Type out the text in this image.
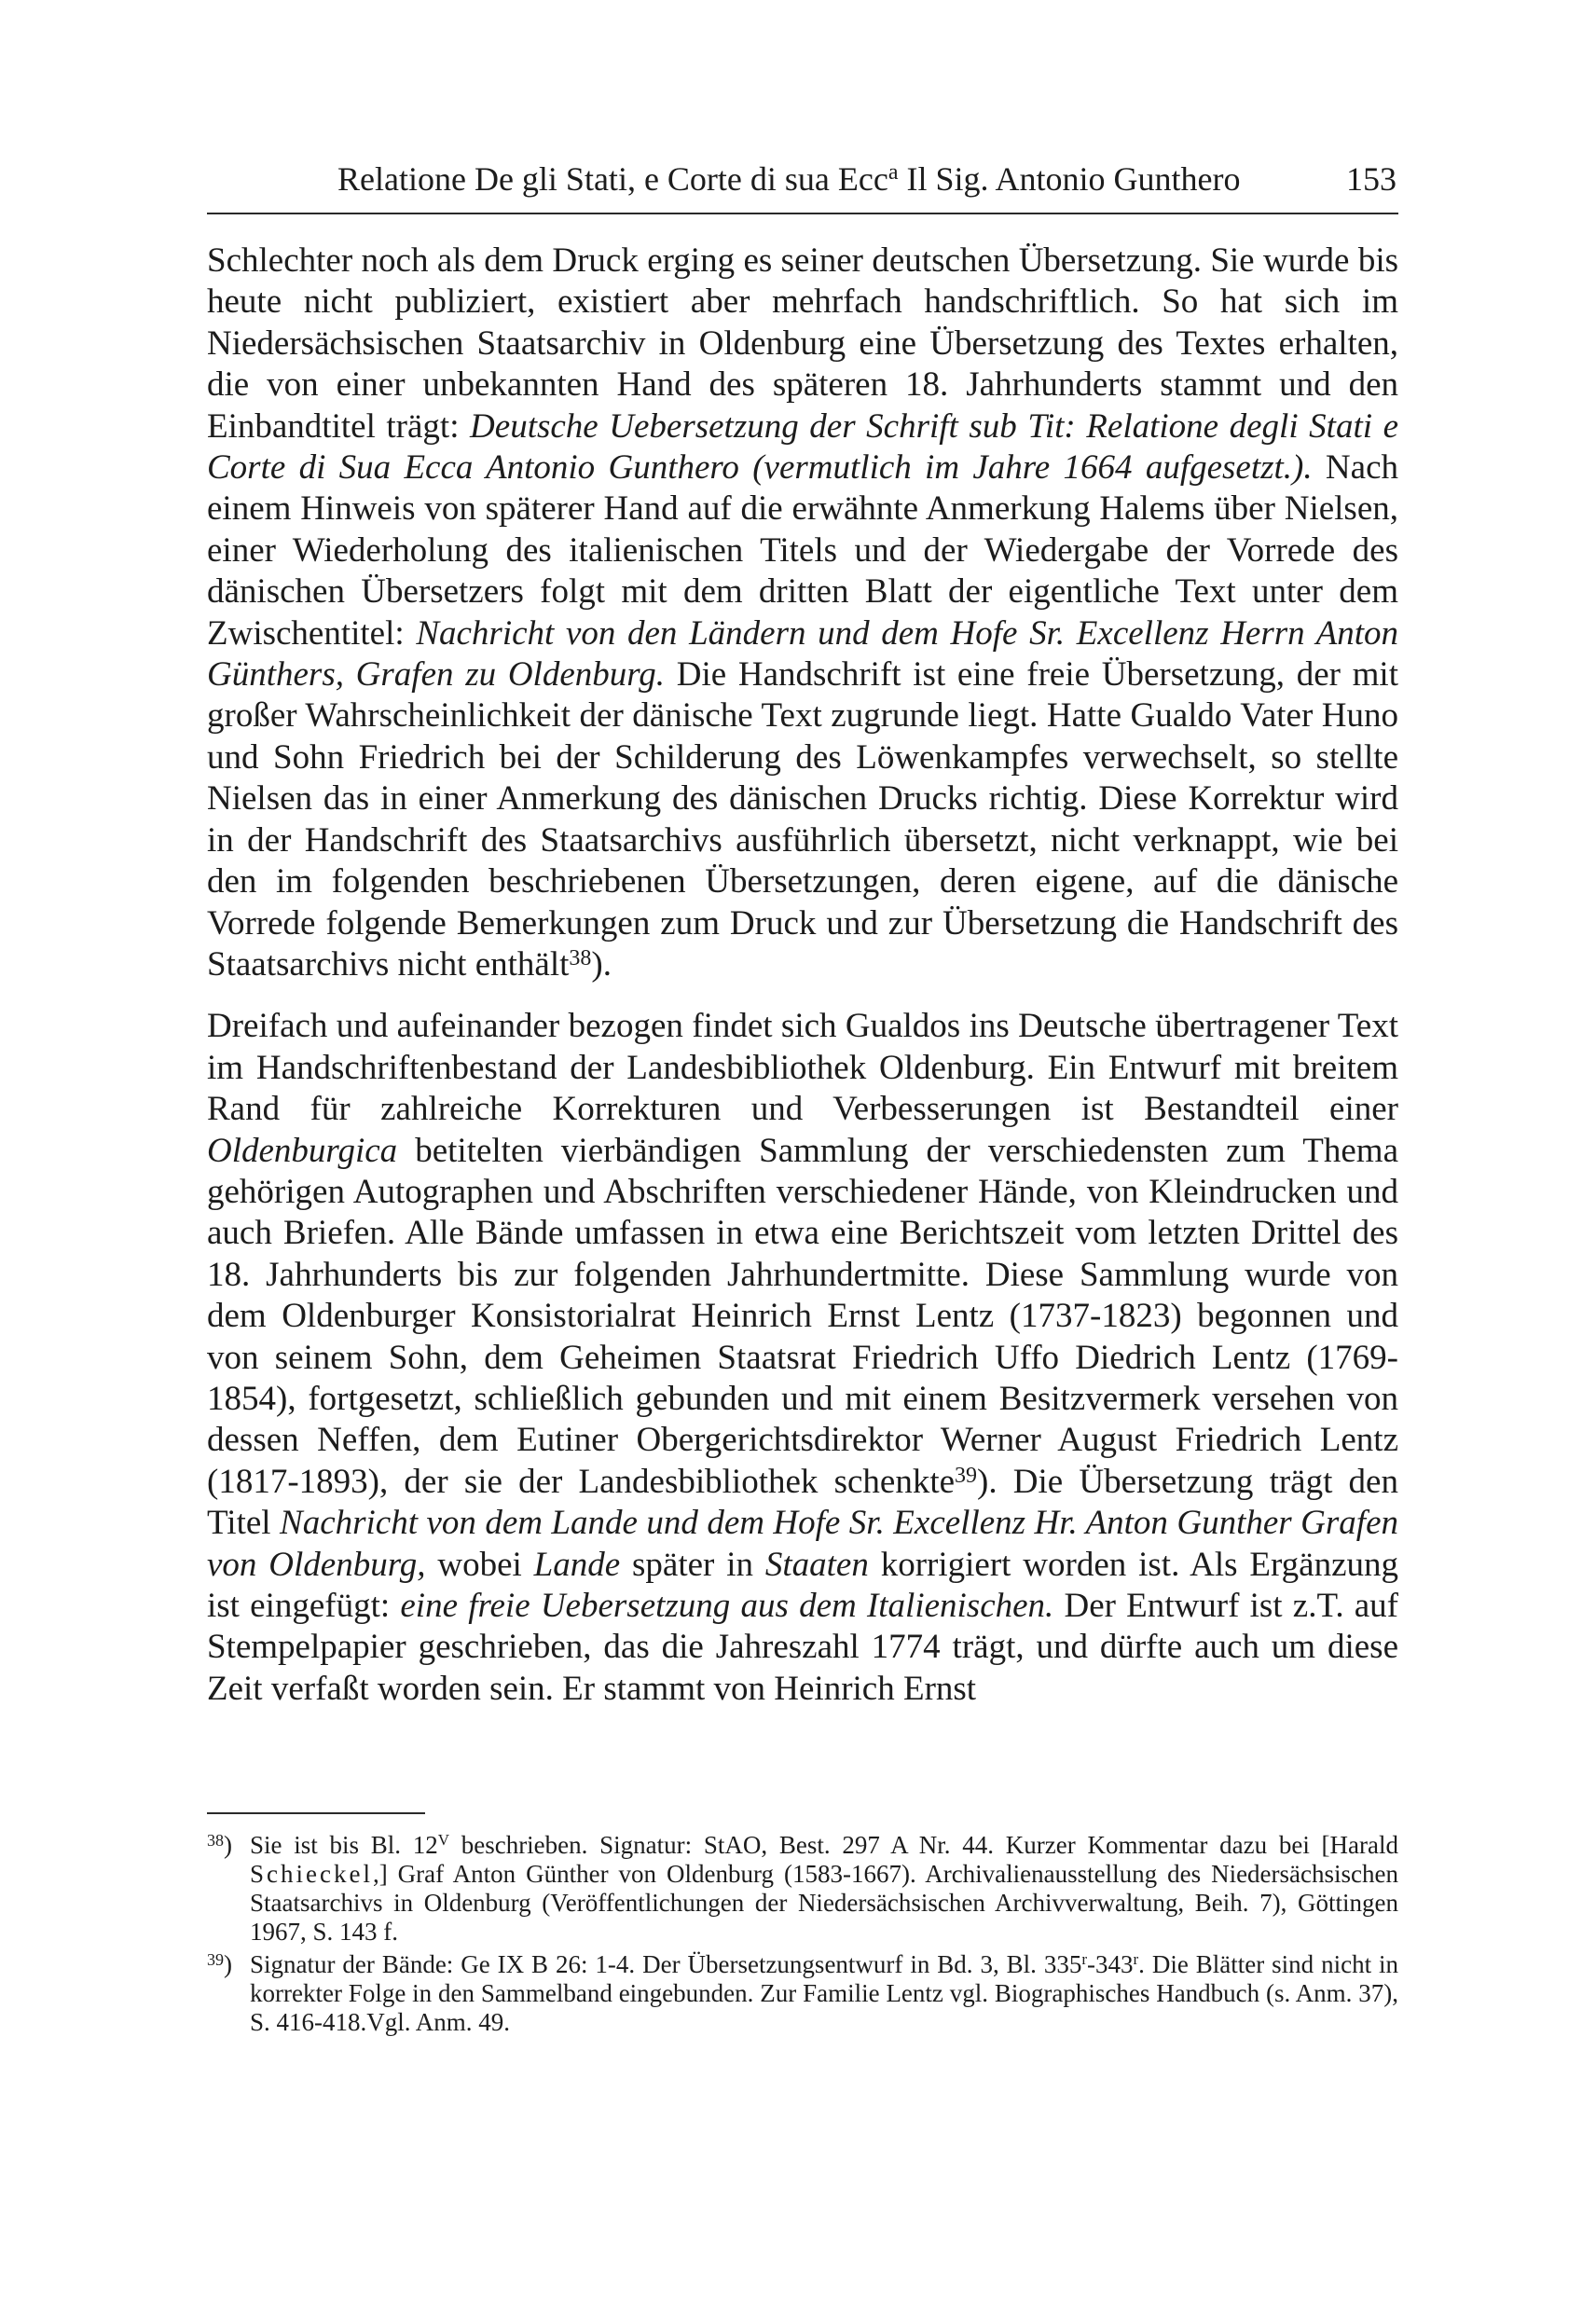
Relatione De gli Stati, e Corte di sua Ecc$^a$ Il Sig. Antonio Gunthero	153

Schlechter noch als dem Druck erging es seiner deutschen Übersetzung. Sie wurde bis heute nicht publiziert, existiert aber mehrfach handschriftlich. So hat sich im Niedersächsischen Staatsarchiv in Oldenburg eine Übersetzung des Textes erhalten, die von einer unbekannten Hand des späteren 18. Jahrhunderts stammt und den Einbandtitel trägt: Deutsche Uebersetzung der Schrift sub Tit: Relatione degli Stati e Corte di Sua Ecca Antonio Gunthero (vermutlich im Jahre 1664 aufgesetzt.). Nach einem Hinweis von späterer Hand auf die erwähnte Anmerkung Halems über Nielsen, einer Wiederholung des italienischen Titels und der Wiedergabe der Vorrede des dänischen Übersetzers folgt mit dem dritten Blatt der eigentliche Text unter dem Zwischentitel: Nachricht von den Ländern und dem Hofe Sr. Excellenz Herrn Anton Günthers, Grafen zu Oldenburg. Die Handschrift ist eine freie Übersetzung, der mit großer Wahrscheinlichkeit der dänische Text zugrunde liegt. Hatte Gualdo Vater Huno und Sohn Friedrich bei der Schilderung des Löwenkampfes verwechselt, so stellte Nielsen das in einer Anmerkung des dänischen Drucks richtig. Diese Korrektur wird in der Handschrift des Staatsarchivs ausführlich übersetzt, nicht verknappt, wie bei den im folgenden beschriebenen Übersetzungen, deren eigene, auf die dänische Vorrede folgende Bemerkungen zum Druck und zur Übersetzung die Handschrift des Staatsarchivs nicht enthält$^{38}$).

Dreifach und aufeinander bezogen findet sich Gualdos ins Deutsche übertragener Text im Handschriftenbestand der Landesbibliothek Oldenburg. Ein Entwurf mit breitem Rand für zahlreiche Korrekturen und Verbesserungen ist Bestandteil einer Oldenburgica betitelten vierbändigen Sammlung der verschiedensten zum Thema gehörigen Autographen und Abschriften verschiedener Hände, von Kleindrucken und auch Briefen. Alle Bände umfassen in etwa eine Berichtszeit vom letzten Drittel des 18. Jahrhunderts bis zur folgenden Jahrhundertmitte. Diese Sammlung wurde von dem Oldenburger Konsistorialrat Heinrich Ernst Lentz (1737-1823) begonnen und von seinem Sohn, dem Geheimen Staatsrat Friedrich Uffo Diedrich Lentz (1769-1854), fortgesetzt, schließlich gebunden und mit einem Besitzvermerk versehen von dessen Neffen, dem Eutiner Obergerichtsdirektor Werner August Friedrich Lentz (1817-1893), der sie der Landesbibliothek schenkte$^{39}$). Die Übersetzung trägt den Titel Nachricht von dem Lande und dem Hofe Sr. Excellenz Hr. Anton Gunther Grafen von Oldenburg, wobei Lande später in Staaten korrigiert worden ist. Als Ergänzung ist eingefügt: eine freie Uebersetzung aus dem Italienischen. Der Entwurf ist z.T. auf Stempelpapier geschrieben, das die Jahreszahl 1774 trägt, und dürfte auch um diese Zeit verfaßt worden sein. Er stammt von Heinrich Ernst

$^{38}$) Sie ist bis Bl. $12^V$ beschrieben. Signatur: StAO, Best. 297 A Nr. 44. Kurzer Kommentar dazu bei [Harald Schieckel,] Graf Anton Günther von Oldenburg (1583-1667). Archivalienausstellung des Niedersächsischen Staatsarchivs in Oldenburg (Veröffentlichungen der Niedersächsischen Archivverwaltung, Beih. 7), Göttingen 1967, S. 143 f.
$^{39}$) Signatur der Bände: Ge IX B 26: 1-4. Der Übersetzungsentwurf in Bd. 3, Bl. 335$^r$-343$^r$. Die Blätter sind nicht in korrekter Folge in den Sammelband eingebunden. Zur Familie Lentz vgl. Biographisches Handbuch (s. Anm. 37), S. 416-418.Vgl. Anm. 49.
